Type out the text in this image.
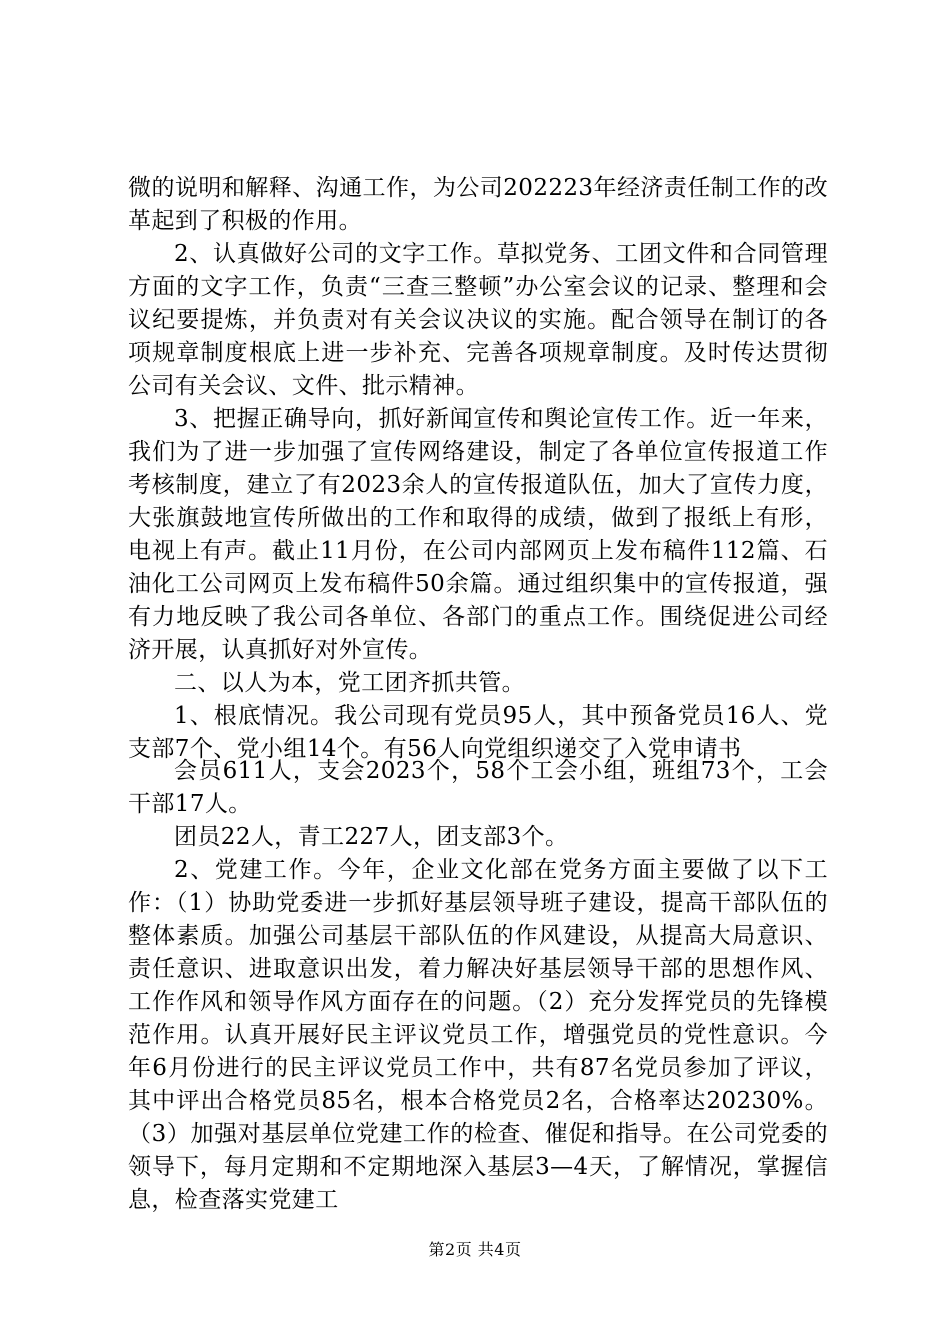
微的说明和解释、沟通工作，为公司202223年经济责任制工作的改革起到了积极的作用。

2、认真做好公司的文字工作。草拟党务、工团文件和合同管理方面的文字工作，负责“三查三整顿”办公室会议的记录、整理和会议纪要提炼，并负责对有关会议决议的实施。配合领导在制订的各项规章制度根底上进一步补充、完善各项规章制度。及时传达贯彻公司有关会议、文件、批示精神。

3、把握正确导向，抓好新闻宣传和舆论宣传工作。近一年来，我们为了进一步加强了宣传网络建设，制定了各单位宣传报道工作考核制度，建立了有2023余人的宣传报道队伍，加大了宣传力度，大张旗鼓地宣传所做出的工作和取得的成绩，做到了报纸上有形，电视上有声。截止11月份，在公司内部网页上发布稿件112篇、石油化工公司网页上发布稿件50余篇。通过组织集中的宣传报道，强有力地反映了我公司各单位、各部门的重点工作。围绕促进公司经济开展，认真抓好对外宣传。

二、以人为本，党工团齐抓共管。

1、根底情况。我公司现有党员95人，其中预备党员16人、党支部7个、党小组14个。有56人向党组织递交了入党申请书

会员611人，支会2023个，58个工会小组，班组73个，工会干部17人。

团员22人，青工227人，团支部3个。

2、党建工作。今年，企业文化部在党务方面主要做了以下工作：（1）协助党委进一步抓好基层领导班子建设，提高干部队伍的整体素质。加强公司基层干部队伍的作风建设，从提高大局意识、责任意识、进取意识出发，着力解决好基层领导干部的思想作风、工作作风和领导作风方面存在的问题。（2）充分发挥党员的先锋模范作用。认真开展好民主评议党员工作，增强党员的党性意识。今年6月份进行的民主评议党员工作中，共有87名党员参加了评议，其中评出合格党员85名，根本合格党员2名，合格率达20230%。（3）加强对基层单位党建工作的检查、催促和指导。在公司党委的领导下，每月定期和不定期地深入基层3—4天，了解情况，掌握信息，检查落实党建工

第2页 共4页
